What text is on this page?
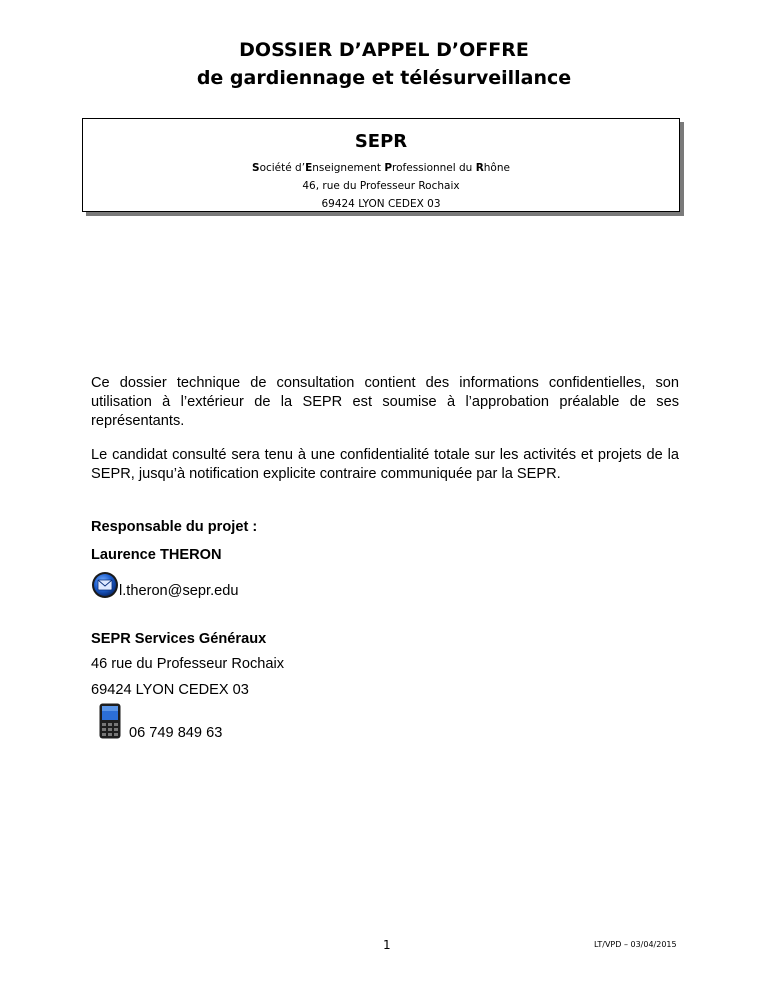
DOSSIER D’APPEL D’OFFRE
de gardiennage et télésurveillance
SEPR
Société d’Enseignement Professionnel du Rhône
46, rue du Professeur Rochaix
69424 LYON CEDEX 03
Ce dossier technique de consultation contient des informations confidentielles, son utilisation à l’extérieur de la SEPR est soumise à l’approbation préalable de ses représentants.
Le candidat consulté sera tenu à une confidentialité totale sur les activités et projets de la SEPR, jusqu’à notification explicite contraire communiquée par la SEPR.
Responsable du projet :
Laurence THERON
l.theron@sepr.edu
SEPR Services Généraux
46 rue du Professeur Rochaix
69424 LYON CEDEX 03
06 749 849 63
1	LT/VPD – 03/04/2015
